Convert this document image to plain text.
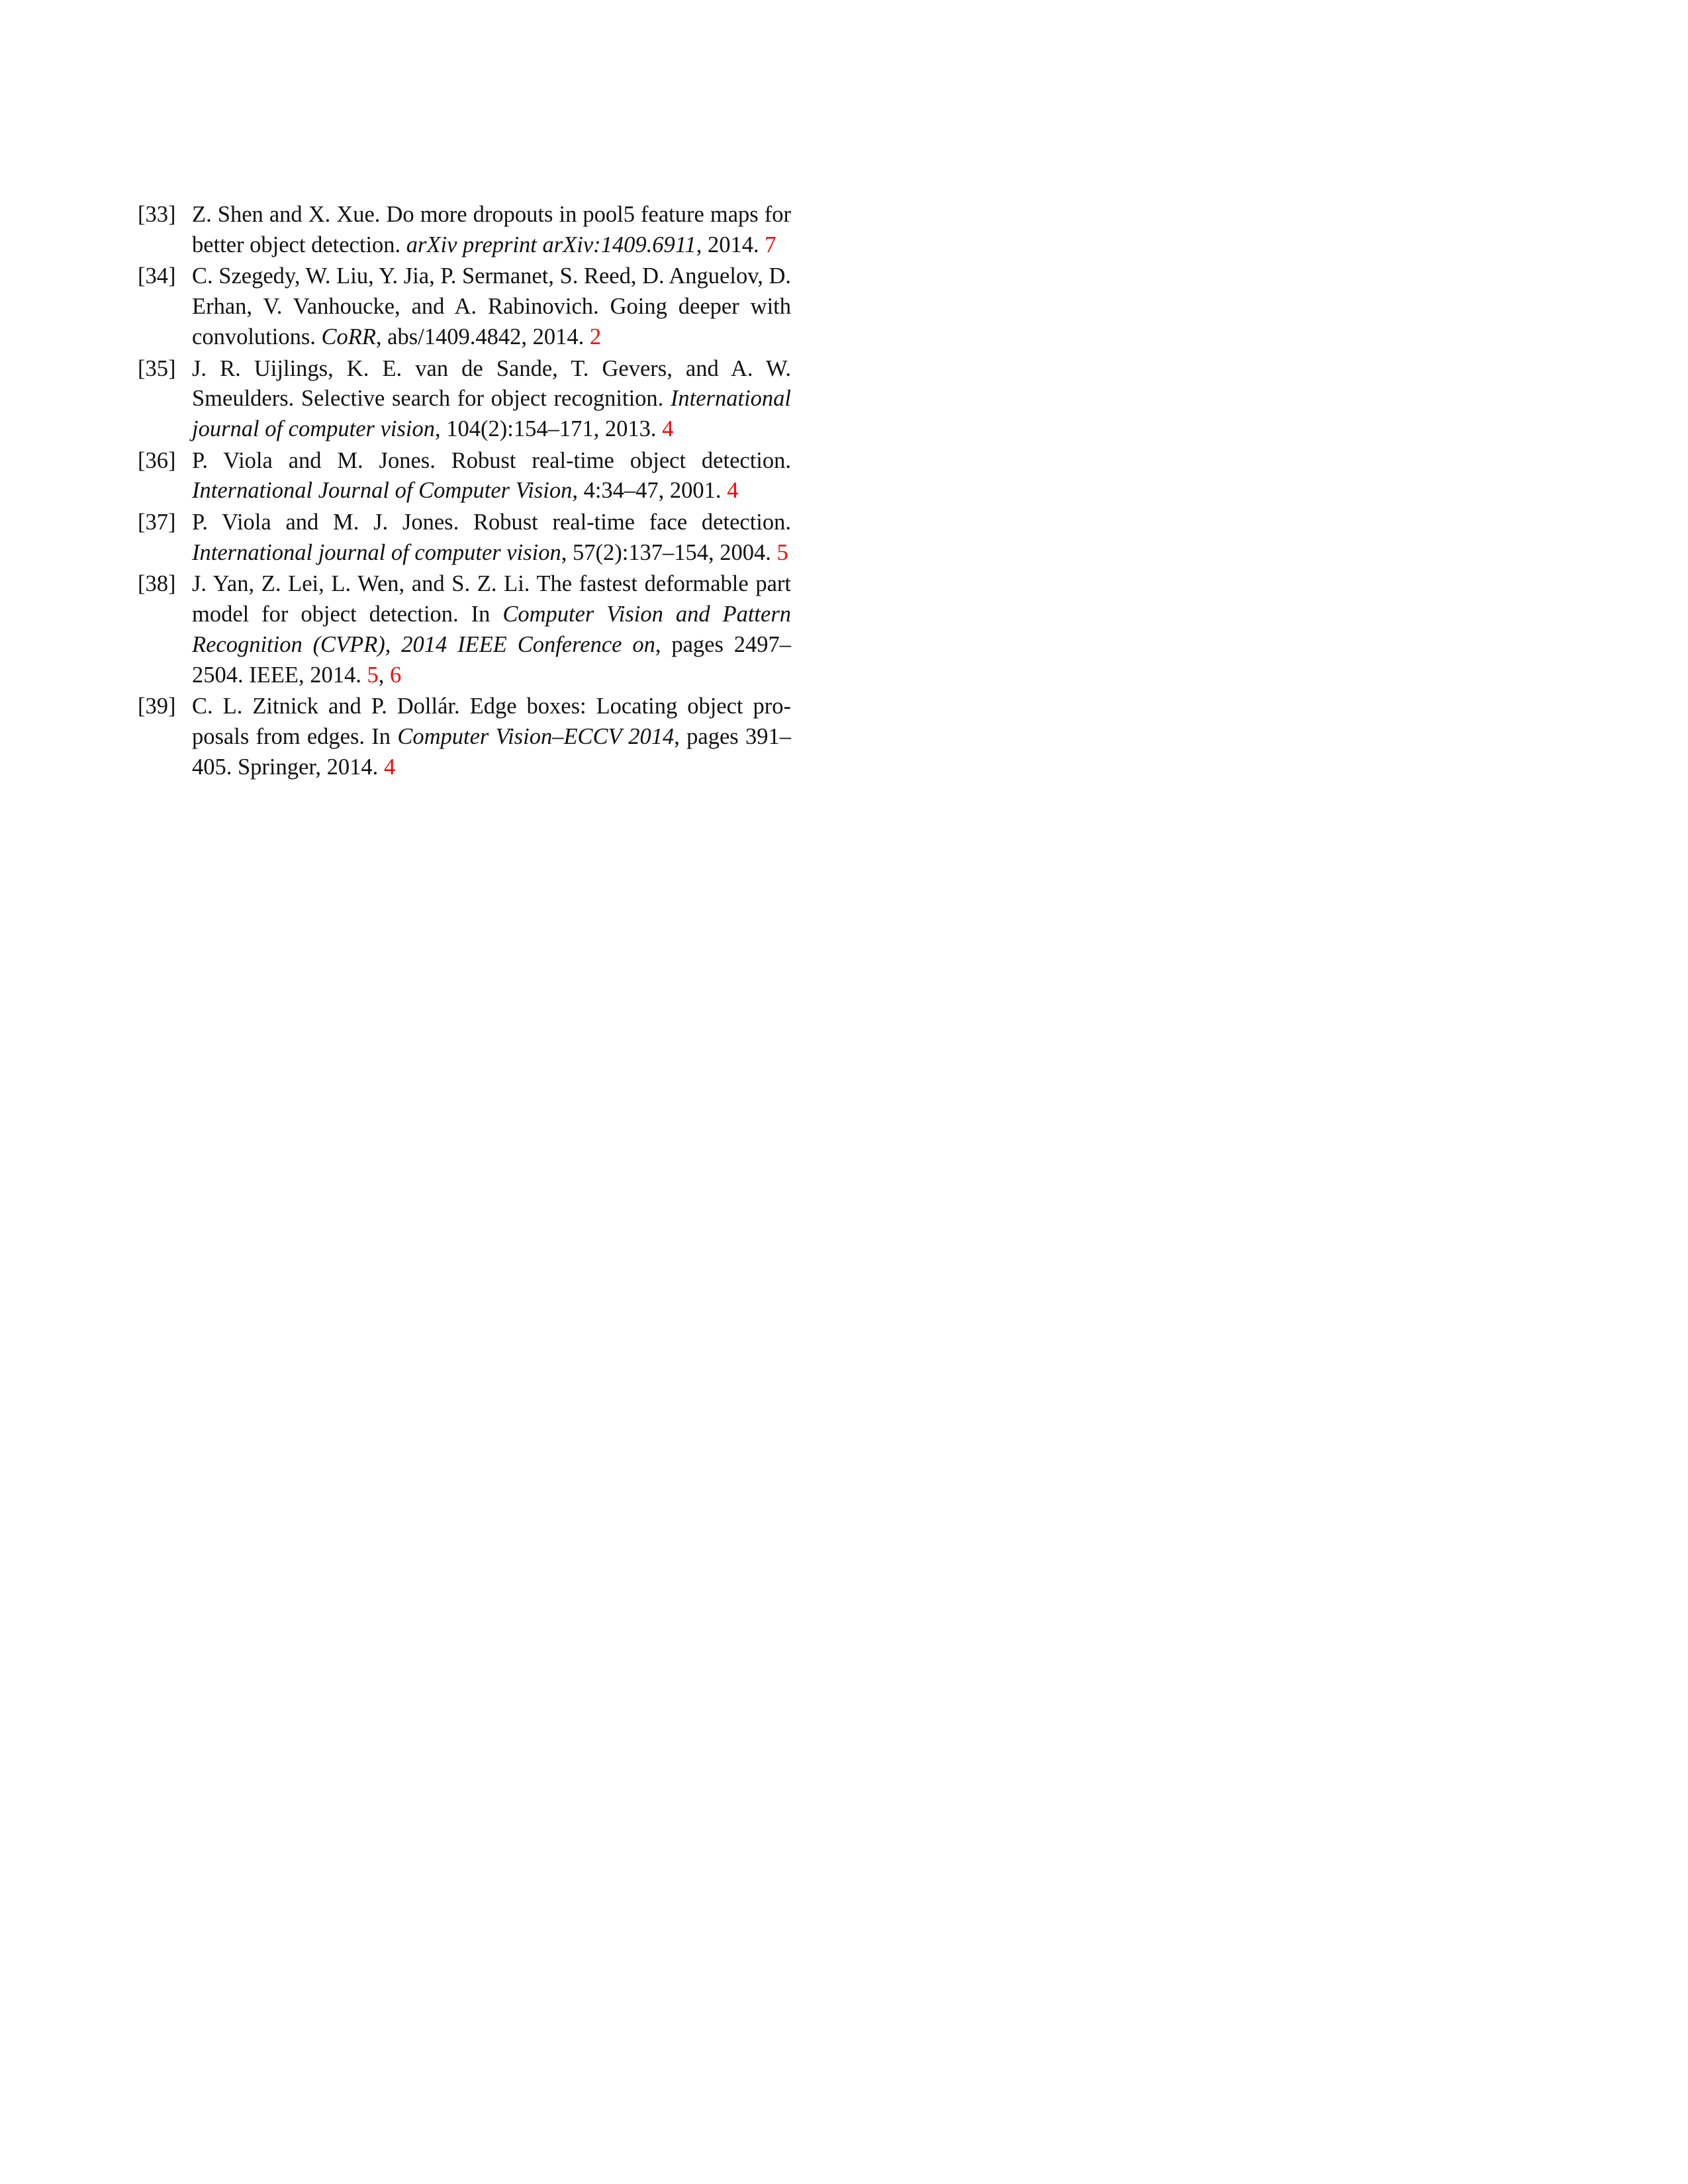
[33] Z. Shen and X. Xue. Do more dropouts in pool5 feature maps for better object detection. arXiv preprint arXiv:1409.6911, 2014. 7
[34] C. Szegedy, W. Liu, Y. Jia, P. Sermanet, S. Reed, D. Anguelov, D. Erhan, V. Vanhoucke, and A. Rabinovich. Going deeper with convolutions. CoRR, abs/1409.4842, 2014. 2
[35] J. R. Uijlings, K. E. van de Sande, T. Gevers, and A. W. Smeulders. Selective search for object recognition. International journal of computer vision, 104(2):154–171, 2013. 4
[36] P. Viola and M. Jones. Robust real-time object detection. International Journal of Computer Vision, 4:34–47, 2001. 4
[37] P. Viola and M. J. Jones. Robust real-time face detection. International journal of computer vision, 57(2):137–154, 2004. 5
[38] J. Yan, Z. Lei, L. Wen, and S. Z. Li. The fastest deformable part model for object detection. In Computer Vision and Pattern Recognition (CVPR), 2014 IEEE Conference on, pages 2497–2504. IEEE, 2014. 5, 6
[39] C. L. Zitnick and P. Dollár. Edge boxes: Locating object proposals from edges. In Computer Vision–ECCV 2014, pages 391–405. Springer, 2014. 4
